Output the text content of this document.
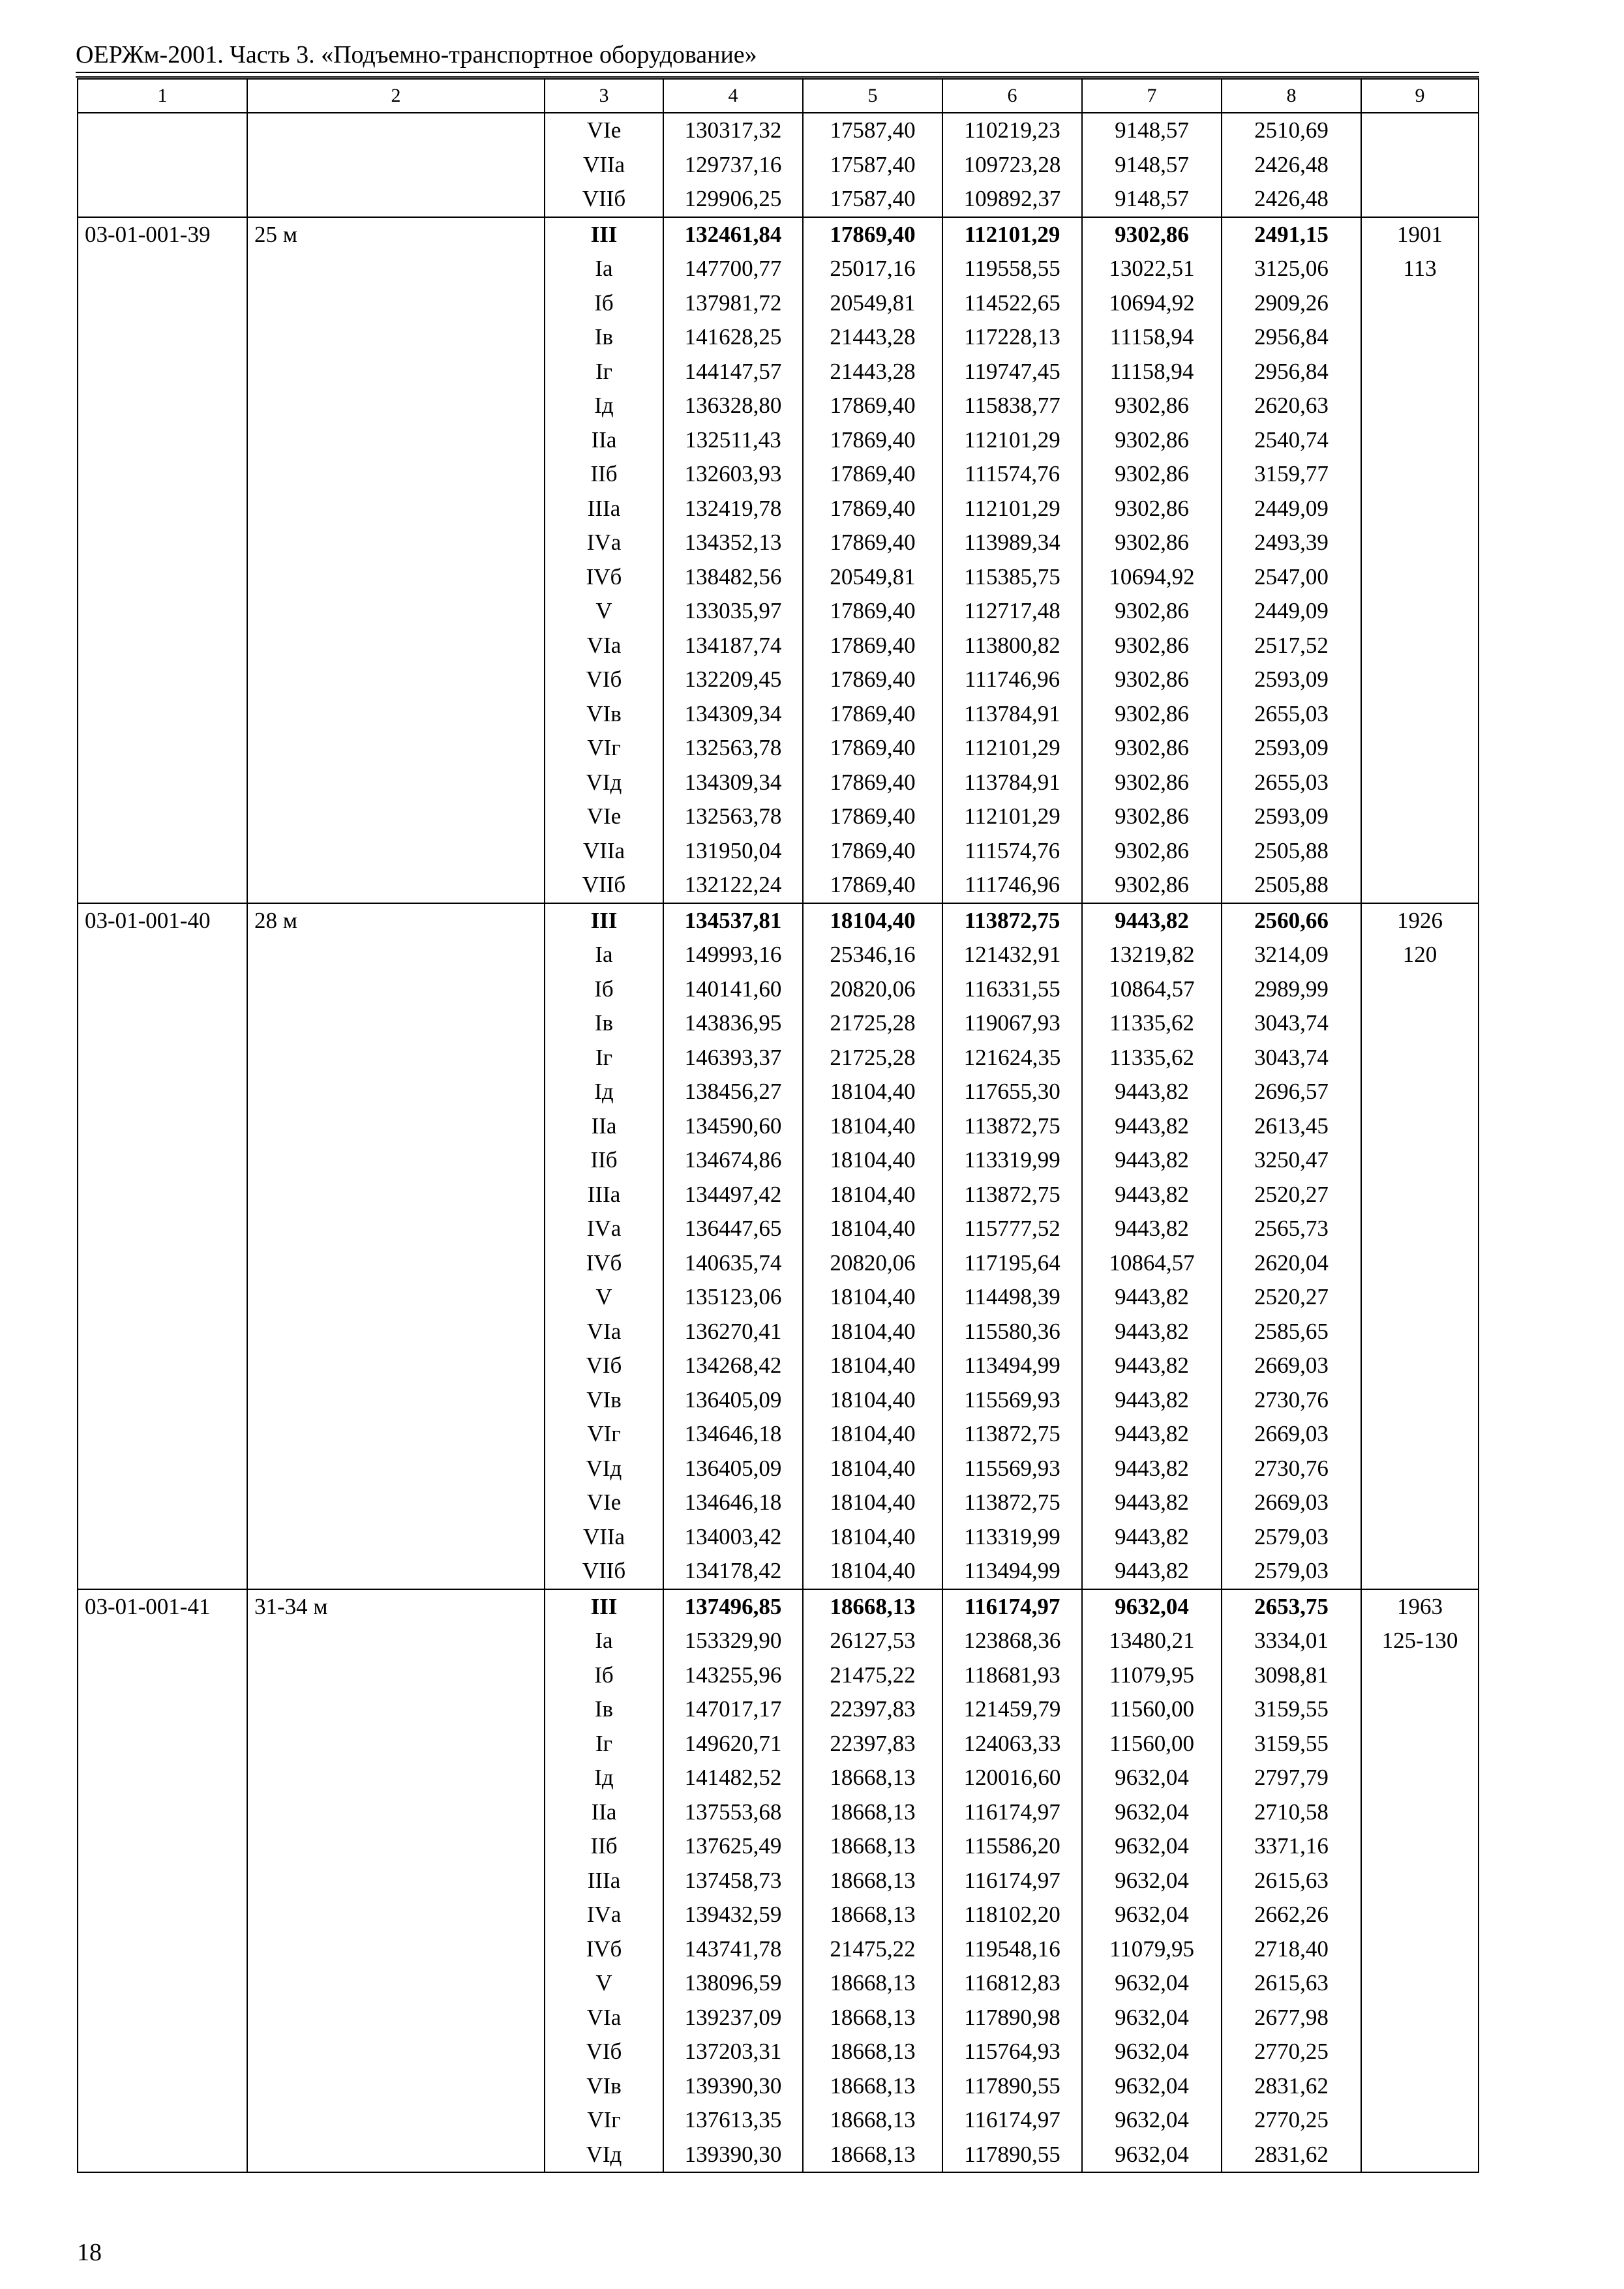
ОЕРЖм-2001. Часть 3. «Подъемно-транспортное оборудование»
1	2	3	4	5	6	7	8	9
		VIе	130317,32	17587,40	110219,23	9148,57	2510,69	
		VIIа	129737,16	17587,40	109723,28	9148,57	2426,48	
		VIIб	129906,25	17587,40	109892,37	9148,57	2426,48	
03-01-001-39	25 м	III	132461,84	17869,40	112101,29	9302,86	2491,15	1901
		Iа	147700,77	25017,16	119558,55	13022,51	3125,06	113
		Iб	137981,72	20549,81	114522,65	10694,92	2909,26	
		Iв	141628,25	21443,28	117228,13	11158,94	2956,84	
		Iг	144147,57	21443,28	119747,45	11158,94	2956,84	
		Iд	136328,80	17869,40	115838,77	9302,86	2620,63	
		IIа	132511,43	17869,40	112101,29	9302,86	2540,74	
		IIб	132603,93	17869,40	111574,76	9302,86	3159,77	
		IIIа	132419,78	17869,40	112101,29	9302,86	2449,09	
		IVа	134352,13	17869,40	113989,34	9302,86	2493,39	
		IVб	138482,56	20549,81	115385,75	10694,92	2547,00	
		V	133035,97	17869,40	112717,48	9302,86	2449,09	
		VIа	134187,74	17869,40	113800,82	9302,86	2517,52	
		VIб	132209,45	17869,40	111746,96	9302,86	2593,09	
		VIв	134309,34	17869,40	113784,91	9302,86	2655,03	
		VIг	132563,78	17869,40	112101,29	9302,86	2593,09	
		VIд	134309,34	17869,40	113784,91	9302,86	2655,03	
		VIе	132563,78	17869,40	112101,29	9302,86	2593,09	
		VIIа	131950,04	17869,40	111574,76	9302,86	2505,88	
		VIIб	132122,24	17869,40	111746,96	9302,86	2505,88	
03-01-001-40	28 м	III	134537,81	18104,40	113872,75	9443,82	2560,66	1926
		Iа	149993,16	25346,16	121432,91	13219,82	3214,09	120
		Iб	140141,60	20820,06	116331,55	10864,57	2989,99	
		Iв	143836,95	21725,28	119067,93	11335,62	3043,74	
		Iг	146393,37	21725,28	121624,35	11335,62	3043,74	
		Iд	138456,27	18104,40	117655,30	9443,82	2696,57	
		IIа	134590,60	18104,40	113872,75	9443,82	2613,45	
		IIб	134674,86	18104,40	113319,99	9443,82	3250,47	
		IIIа	134497,42	18104,40	113872,75	9443,82	2520,27	
		IVа	136447,65	18104,40	115777,52	9443,82	2565,73	
		IVб	140635,74	20820,06	117195,64	10864,57	2620,04	
		V	135123,06	18104,40	114498,39	9443,82	2520,27	
		VIа	136270,41	18104,40	115580,36	9443,82	2585,65	
		VIб	134268,42	18104,40	113494,99	9443,82	2669,03	
		VIв	136405,09	18104,40	115569,93	9443,82	2730,76	
		VIг	134646,18	18104,40	113872,75	9443,82	2669,03	
		VIд	136405,09	18104,40	115569,93	9443,82	2730,76	
		VIе	134646,18	18104,40	113872,75	9443,82	2669,03	
		VIIа	134003,42	18104,40	113319,99	9443,82	2579,03	
		VIIб	134178,42	18104,40	113494,99	9443,82	2579,03	
03-01-001-41	31-34 м	III	137496,85	18668,13	116174,97	9632,04	2653,75	1963
		Iа	153329,90	26127,53	123868,36	13480,21	3334,01	125-130
		Iб	143255,96	21475,22	118681,93	11079,95	3098,81	
		Iв	147017,17	22397,83	121459,79	11560,00	3159,55	
		Iг	149620,71	22397,83	124063,33	11560,00	3159,55	
		Iд	141482,52	18668,13	120016,60	9632,04	2797,79	
		IIа	137553,68	18668,13	116174,97	9632,04	2710,58	
		IIб	137625,49	18668,13	115586,20	9632,04	3371,16	
		IIIа	137458,73	18668,13	116174,97	9632,04	2615,63	
		IVа	139432,59	18668,13	118102,20	9632,04	2662,26	
		IVб	143741,78	21475,22	119548,16	11079,95	2718,40	
		V	138096,59	18668,13	116812,83	9632,04	2615,63	
		VIа	139237,09	18668,13	117890,98	9632,04	2677,98	
		VIб	137203,31	18668,13	115764,93	9632,04	2770,25	
		VIв	139390,30	18668,13	117890,55	9632,04	2831,62	
		VIг	137613,35	18668,13	116174,97	9632,04	2770,25	
		VIд	139390,30	18668,13	117890,55	9632,04	2831,62	
18
